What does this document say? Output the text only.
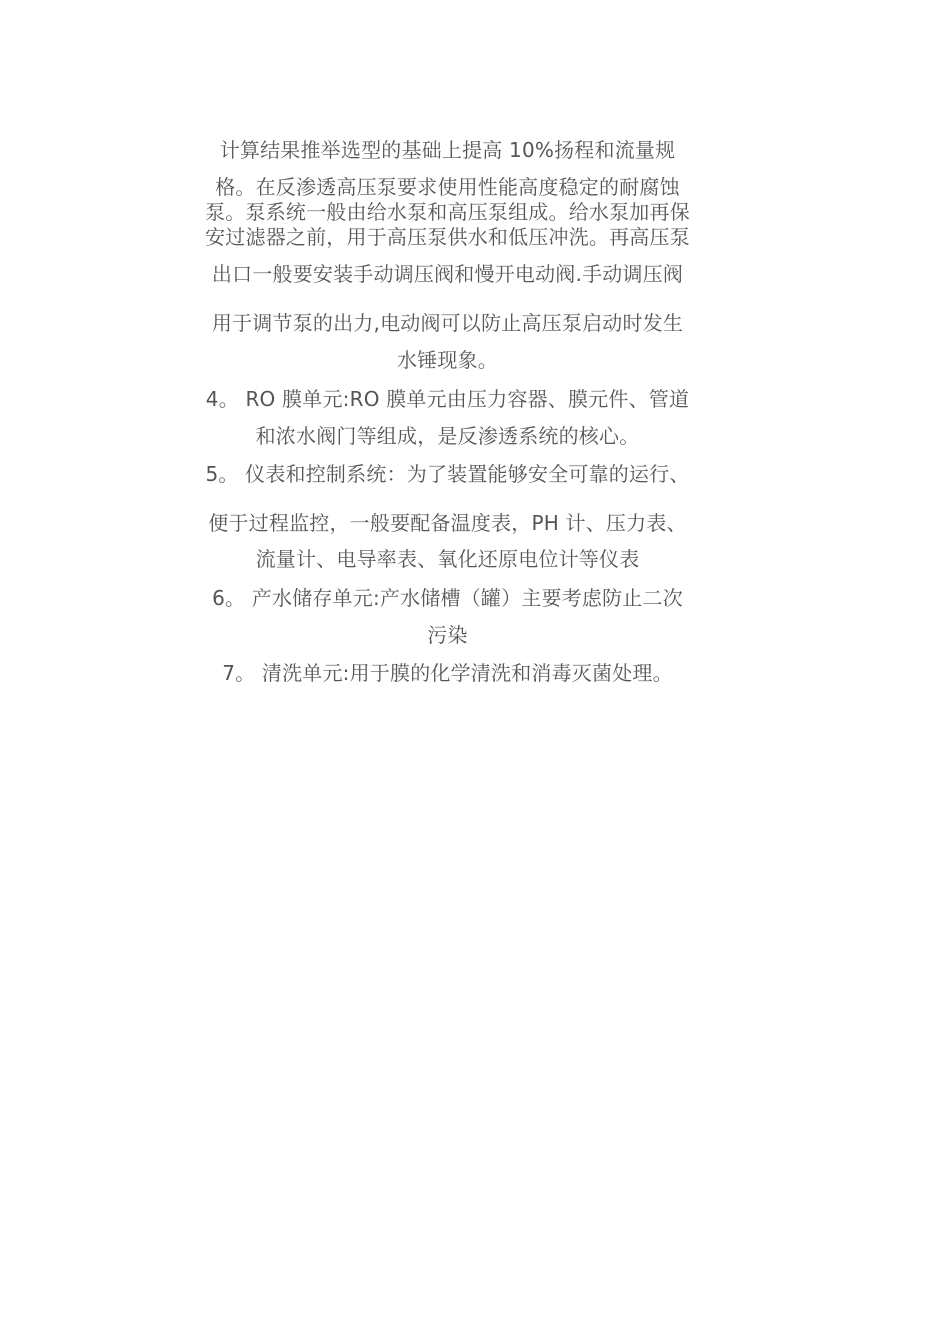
计算结果推举选型的基础上提高 10%扬程和流量规
格。在反渗透高压泵要求使用性能高度稳定的耐腐蚀
泵。泵系统一般由给水泵和高压泵组成。给水泵加再保
安过滤器之前，用于高压泵供水和低压冲洗。再高压泵
出口一般要安装手动调压阀和慢开电动阀.手动调压阀
用于调节泵的出力,电动阀可以防止高压泵启动时发生
水锤现象。
4。 RO 膜单元:RO 膜单元由压力容器、膜元件、管道
和浓水阀门等组成，是反渗透系统的核心。
5。 仪表和控制系统：为了装置能够安全可靠的运行、
便于过程监控，一般要配备温度表，PH 计、压力表、
流量计、电导率表、氧化还原电位计等仪表
6。 产水储存单元:产水储槽（罐）主要考虑防止二次
污染
7。 清洗单元:用于膜的化学清洗和消毒灭菌处理。
